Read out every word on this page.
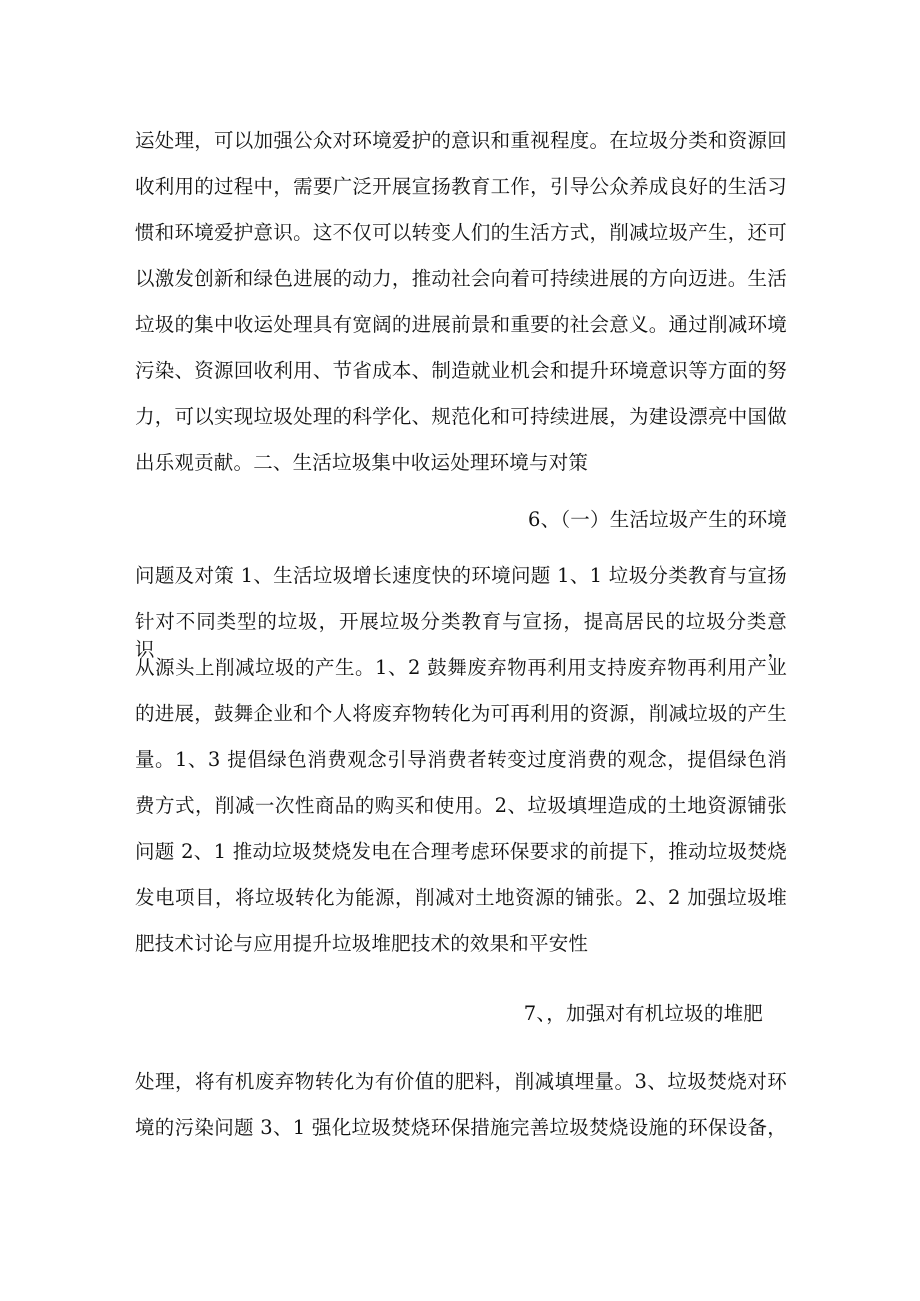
运处理，可以加强公众对环境爱护的意识和重视程度。在垃圾分类和资源回
收利用的过程中，需要广泛开展宣扬教育工作，引导公众养成良好的生活习
惯和环境爱护意识。这不仅可以转变人们的生活方式，削减垃圾产生，还可
以激发创新和绿色进展的动力，推动社会向着可持续进展的方向迈进。生活
垃圾的集中收运处理具有宽阔的进展前景和重要的社会意义。通过削减环境
污染、资源回收利用、节省成本、制造就业机会和提升环境意识等方面的努
力，可以实现垃圾处理的科学化、规范化和可持续进展，为建设漂亮中国做
出乐观贡献。二、生活垃圾集中收运处理环境与对策
6、（一）生活垃圾产生的环境
问题及对策 1、生活垃圾增长速度快的环境问题 1、1 垃圾分类教育与宣扬
针对不同类型的垃圾，开展垃圾分类教育与宣扬，提高居民的垃圾分类意识，
从源头上削减垃圾的产生。1、2 鼓舞废弃物再利用支持废弃物再利用产业
的进展，鼓舞企业和个人将废弃物转化为可再利用的资源，削减垃圾的产生
量。1、3 提倡绿色消费观念引导消费者转变过度消费的观念，提倡绿色消
费方式，削减一次性商品的购买和使用。2、垃圾填埋造成的土地资源铺张
问题 2、1 推动垃圾焚烧发电在合理考虑环保要求的前提下，推动垃圾焚烧
发电项目，将垃圾转化为能源，削减对土地资源的铺张。2、2 加强垃圾堆
肥技术讨论与应用提升垃圾堆肥技术的效果和平安性
7、，加强对有机垃圾的堆肥
处理，将有机废弃物转化为有价值的肥料，削减填埋量。3、垃圾焚烧对环
境的污染问题 3、1 强化垃圾焚烧环保措施完善垃圾焚烧设施的环保设备，
